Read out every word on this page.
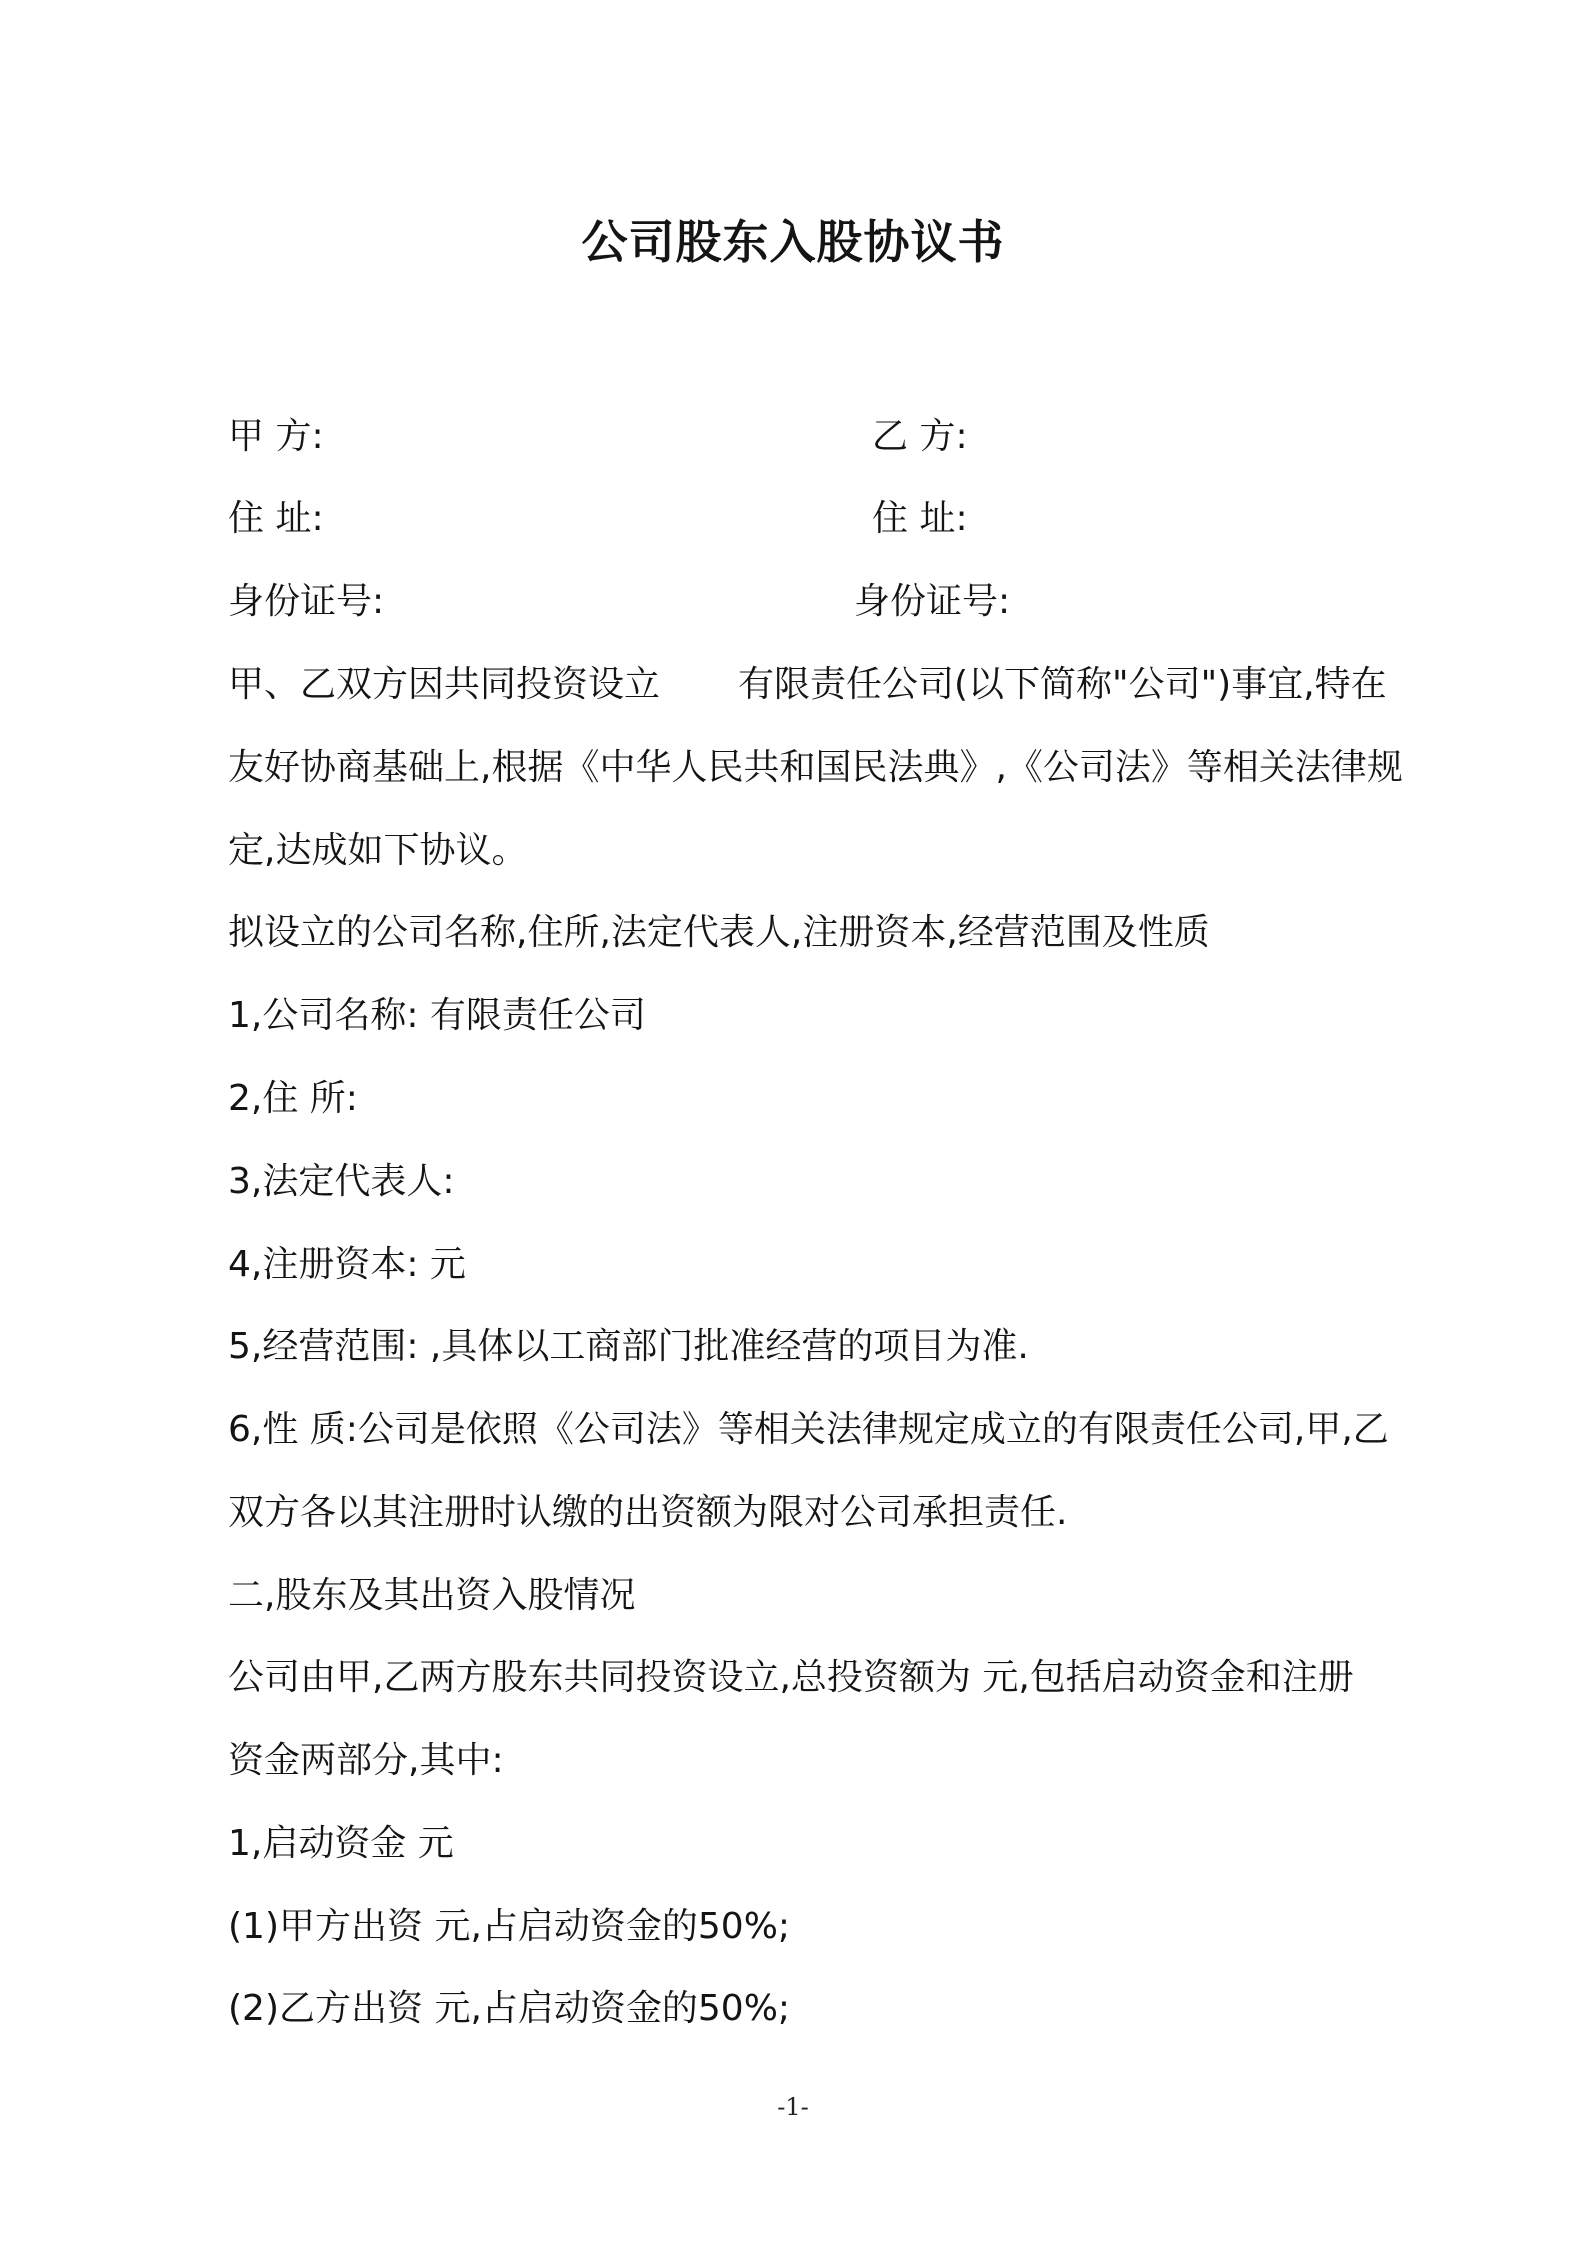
公司股东入股协议书
甲 方:	乙 方:
住 址:	住 址:
身份证号:	身份证号:
甲、乙双方因共同投资设立 有限责任公司(以下简称"公司")事宜,特在
友好协商基础上,根据《中华人民共和国民法典》,《公司法》等相关法律规
定,达成如下协议。
拟设立的公司名称,住所,法定代表人,注册资本,经营范围及性质
1,公司名称: 有限责任公司
2,住 所:
3,法定代表人:
4,注册资本: 元
5,经营范围: ,具体以工商部门批准经营的项目为准.
6,性 质:公司是依照《公司法》等相关法律规定成立的有限责任公司,甲,乙
双方各以其注册时认缴的出资额为限对公司承担责任.
二,股东及其出资入股情况
公司由甲,乙两方股东共同投资设立,总投资额为 元,包括启动资金和注册
资金两部分,其中:
1,启动资金 元
(1)甲方出资 元,占启动资金的50%;
(2)乙方出资 元,占启动资金的50%;
-1-
